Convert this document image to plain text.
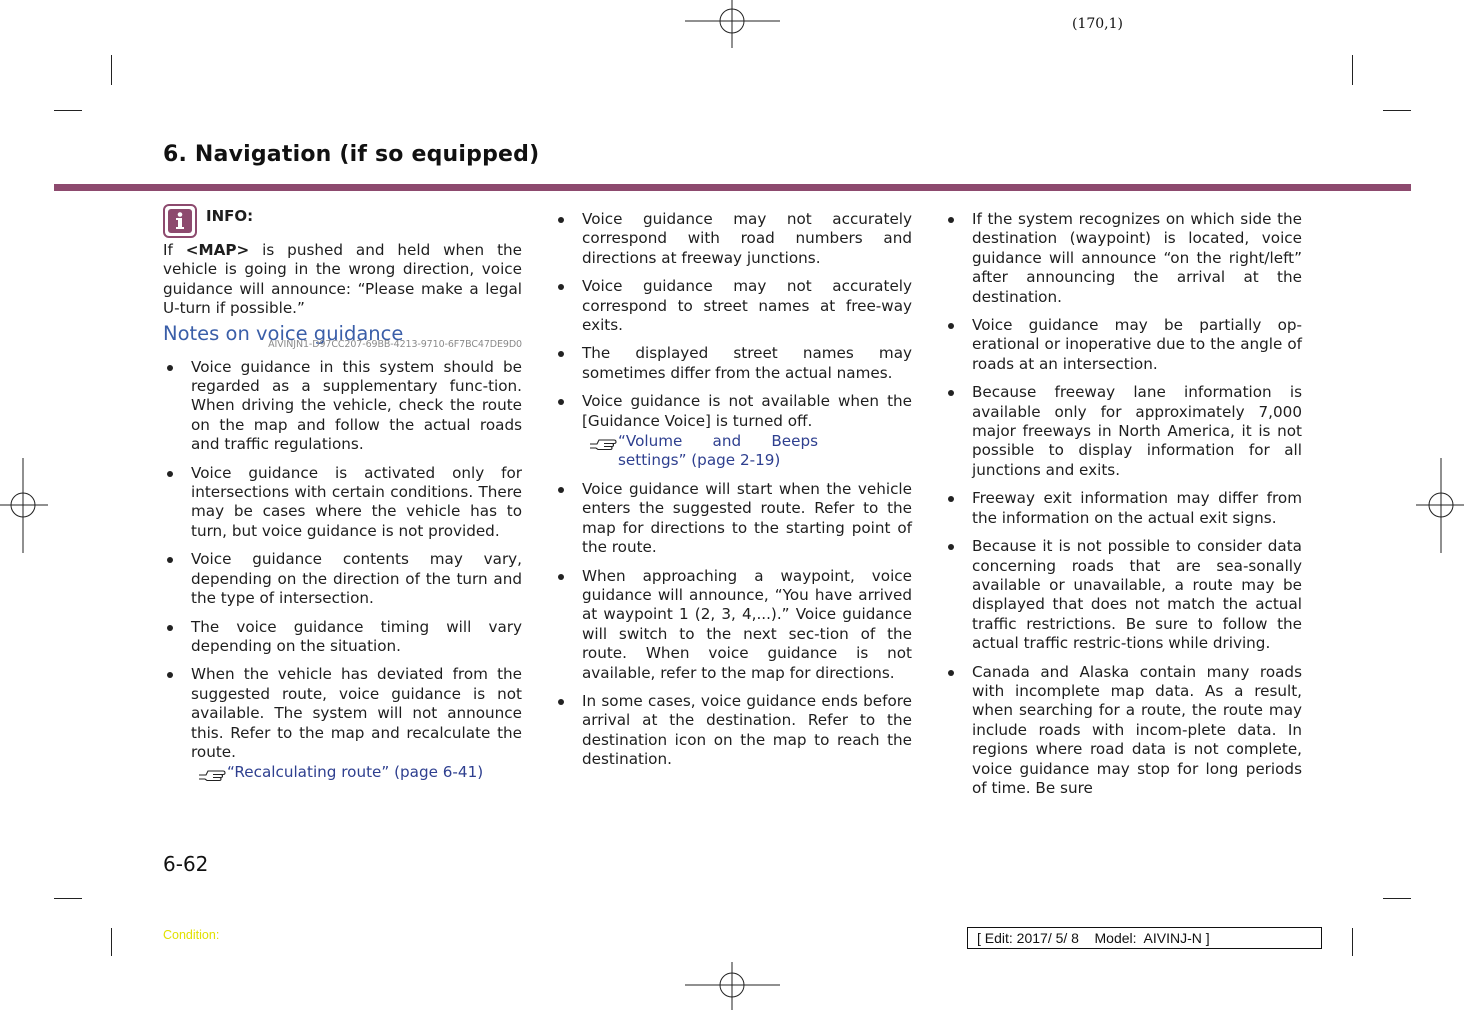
(170,1)
6. Navigation (if so equipped)
INFO:

If <MAP> is pushed and held when the vehicle is going in the wrong direction, voice guidance will announce: “Please make a legal U-turn if possible.”

Notes on voice guidance
AIVINJN1-D97CC207-69BB-4213-9710-6F7BC47DE9D0
Voice guidance in this system should be regarded as a supplementary func-tion. When driving the vehicle, check the route on the map and follow the actual roads and traffic regulations.
Voice guidance is activated only for intersections with certain conditions. There may be cases where the vehicle has to turn, but voice guidance is not provided.
Voice guidance contents may vary, depending on the direction of the turn and the type of intersection.
The voice guidance timing will vary depending on the situation.
When the vehicle has deviated from the suggested route, voice guidance is not available. The system will not announce this. Refer to the map and recalculate the route.
“Recalculating route” (page 6-41)
Voice guidance may not accurately correspond with road numbers and directions at freeway junctions.
Voice guidance may not accurately correspond to street names at free-way exits.
The displayed street names may sometimes differ from the actual names.
Voice guidance is not available when the [Guidance Voice] is turned off.
“Volume and Beeps settings” (page 2-19)
Voice guidance will start when the vehicle enters the suggested route. Refer to the map for directions to the starting point of the route.
When approaching a waypoint, voice guidance will announce, “You have arrived at waypoint 1 (2, 3, 4,...).” Voice guidance will switch to the next sec-tion of the route. When voice guidance is not available, refer to the map for directions.
In some cases, voice guidance ends before arrival at the destination. Refer to the destination icon on the map to reach the destination.
If the system recognizes on which side the destination (waypoint) is located, voice guidance will announce “on the right/left” after announcing the arrival at the destination.
Voice guidance may be partially op-erational or inoperative due to the angle of roads at an intersection.
Because freeway lane information is available only for approximately 7,000 major freeways in North America, it is not possible to display information for all junctions and exits.
Freeway exit information may differ from the information on the actual exit signs.
Because it is not possible to consider data concerning roads that are sea-sonally available or unavailable, a route may be displayed that does not match the actual traffic restrictions. Be sure to follow the actual traffic restric-tions while driving.
Canada and Alaska contain many roads with incomplete map data. As a result, when searching for a route, the route may include roads with incom-plete data. In regions where road data is not complete, voice guidance may stop for long periods of time. Be sure
6-62
Condition:	[ Edit: 2017/ 5/ 8    Model:  AIVINJ-N ]
